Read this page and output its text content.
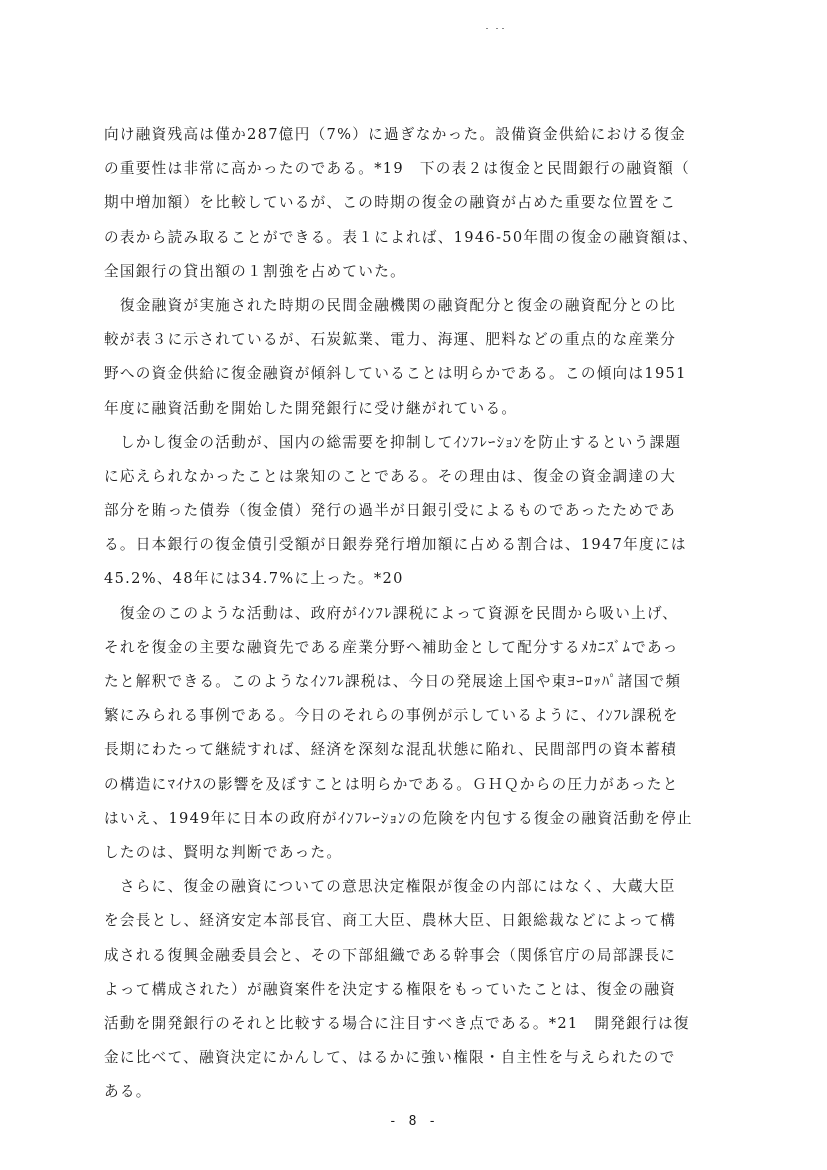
向け融資残高は僅か287億円（7%）に過ぎなかった。設備資金供給における復金
の重要性は非常に高かったのである。*19　下の表２は復金と民間銀行の融資額（
期中増加額）を比較しているが、この時期の復金の融資が占めた重要な位置をこ
の表から読み取ることができる。表１によれば、1946-50年間の復金の融資額は、
全国銀行の貸出額の１割強を占めていた。
　復金融資が実施された時期の民間金融機関の融資配分と復金の融資配分との比
較が表３に示されているが、石炭鉱業、電力、海運、肥料などの重点的な産業分
野への資金供給に復金融資が傾斜していることは明らかである。この傾向は1951
年度に融資活動を開始した開発銀行に受け継がれている。
　しかし復金の活動が、国内の総需要を抑制してｲﾝﾌﾚｰｼｮﾝを防止するという課題
に応えられなかったことは衆知のことである。その理由は、復金の資金調達の大
部分を賄った債券（復金債）発行の過半が日銀引受によるものであったためであ
る。日本銀行の復金債引受額が日銀券発行増加額に占める割合は、1947年度には
45.2%、48年には34.7%に上った。*20
　復金のこのような活動は、政府がｲﾝﾌﾚ課税によって資源を民間から吸い上げ、
それを復金の主要な融資先である産業分野へ補助金として配分するﾒｶﾆｽﾞﾑであっ
たと解釈できる。このようなｲﾝﾌﾚ課税は、今日の発展途上国や東ﾖｰﾛｯﾊﾟ諸国で頻
繁にみられる事例である。今日のそれらの事例が示しているように、ｲﾝﾌﾚ課税を
長期にわたって継続すれば、経済を深刻な混乱状態に陥れ、民間部門の資本蓄積
の構造にﾏｲﾅｽの影響を及ぼすことは明らかである。ＧＨＱからの圧力があったと
はいえ、1949年に日本の政府がｲﾝﾌﾚｰｼｮﾝの危険を内包する復金の融資活動を停止
したのは、賢明な判断であった。
　さらに、復金の融資についての意思決定権限が復金の内部にはなく、大蔵大臣
を会長とし、経済安定本部長官、商工大臣、農林大臣、日銀総裁などによって構
成される復興金融委員会と、その下部組織である幹事会（関係官庁の局部課長に
よって構成された）が融資案件を決定する権限をもっていたことは、復金の融資
活動を開発銀行のそれと比較する場合に注目すべき点である。*21　開発銀行は復
金に比べて、融資決定にかんして、はるかに強い権限・自主性を与えられたので
ある。
- 8 -
